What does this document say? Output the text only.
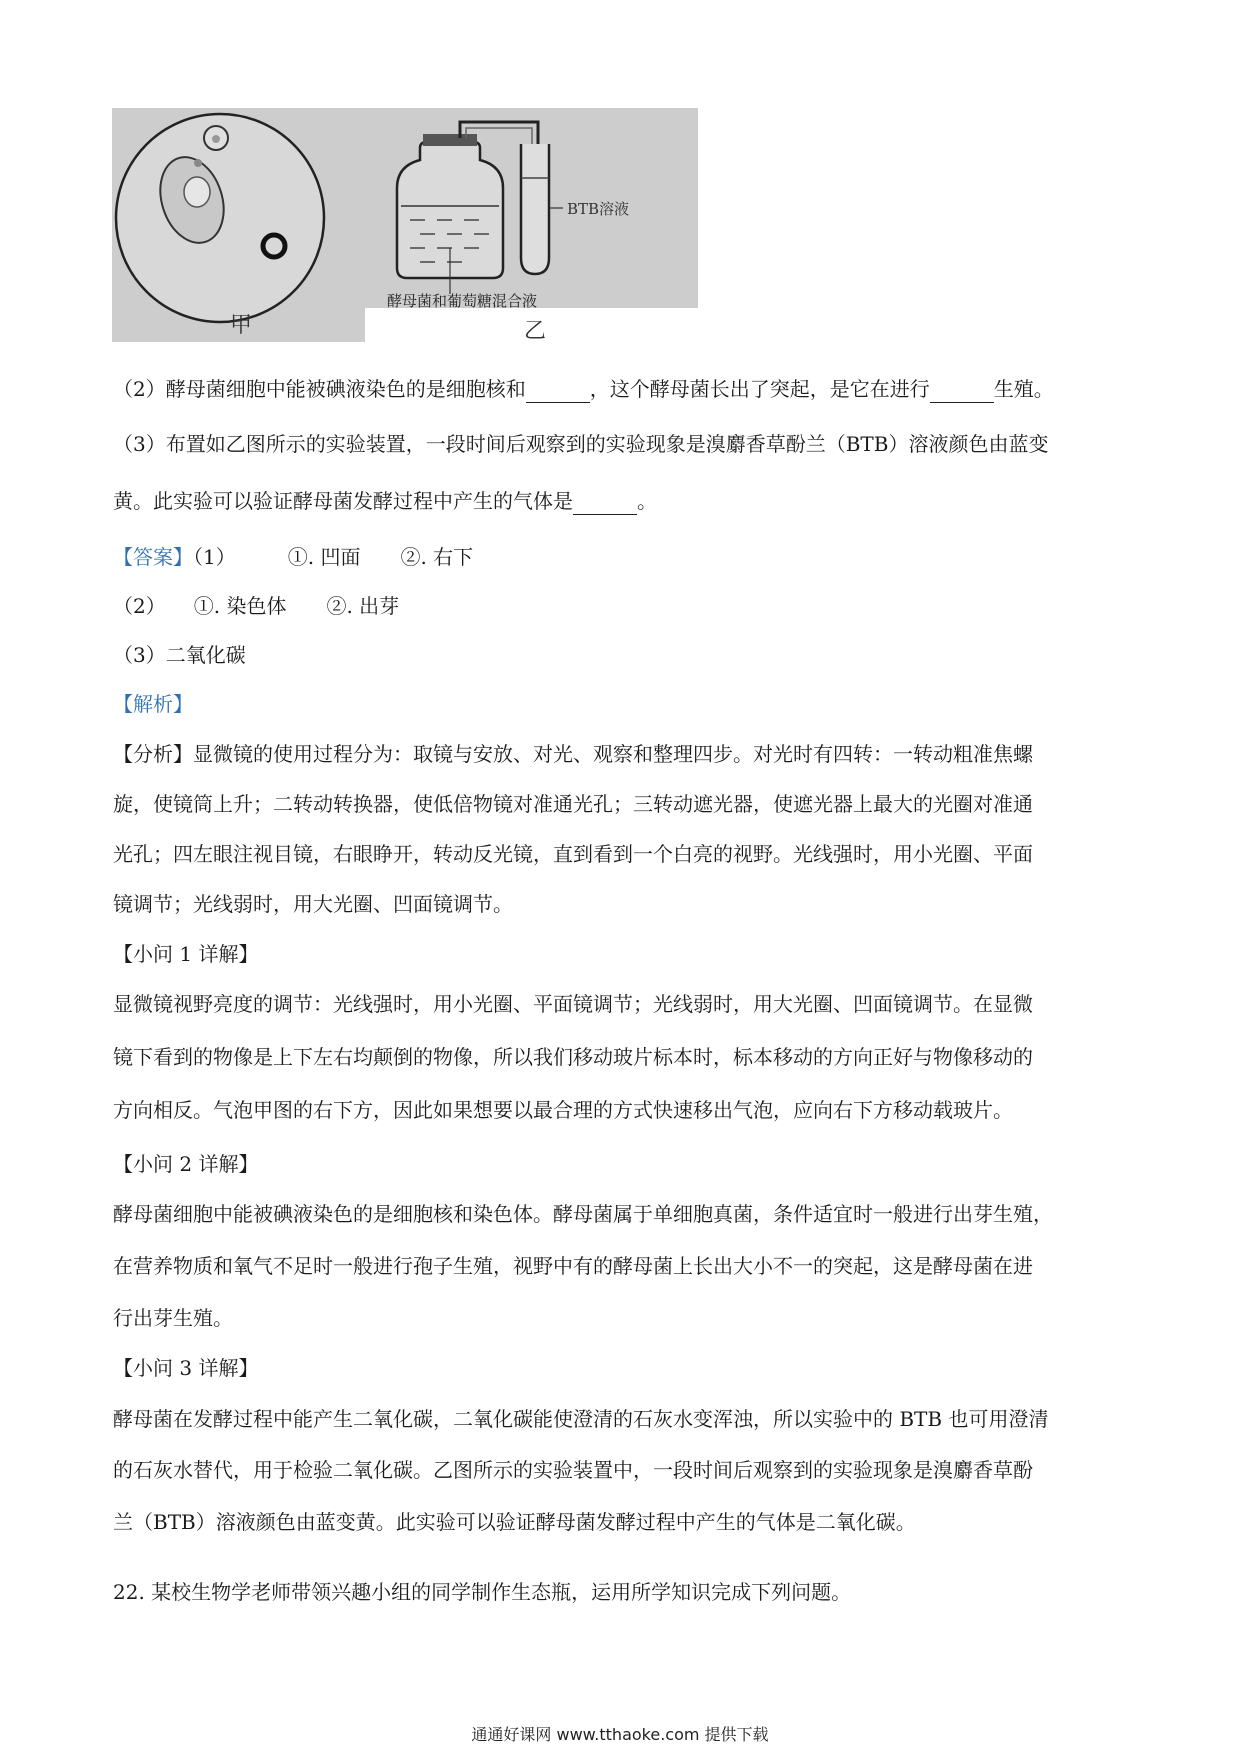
甲
BTB溶液
酵母菌和葡萄糖混合液
乙
（2）酵母菌细胞中能被碘液染色的是细胞核和	，这个酵母菌长出了突起，是它在进行	生殖。
（3）布置如乙图所示的实验装置，一段时间后观察到的实验现象是溴麝香草酚兰（BTB）溶液颜色由蓝变
黄。此实验可以验证酵母菌发酵过程中产生的气体是	。
【答案】（1）	①. 凹面 ②. 右下
（2） ①. 染色体 ②. 出芽
（3）二氧化碳
【解析】
【分析】显微镜的使用过程分为：取镜与安放、对光、观察和整理四步。对光时有四转：一转动粗准焦螺
旋，使镜筒上升；二转动转换器，使低倍物镜对准通光孔；三转动遮光器，使遮光器上最大的光圈对准通
光孔；四左眼注视目镜，右眼睁开，转动反光镜，直到看到一个白亮的视野。光线强时，用小光圈、平面
镜调节；光线弱时，用大光圈、凹面镜调节。
【小问 1 详解】
显微镜视野亮度的调节：光线强时，用小光圈、平面镜调节；光线弱时，用大光圈、凹面镜调节。在显微
镜下看到的物像是上下左右均颠倒的物像，所以我们移动玻片标本时，标本移动的方向正好与物像移动的
方向相反。气泡甲图的右下方，因此如果想要以最合理的方式快速移出气泡，应向右下方移动载玻片。
【小问 2 详解】
酵母菌细胞中能被碘液染色的是细胞核和染色体。酵母菌属于单细胞真菌，条件适宜时一般进行出芽生殖，
在营养物质和氧气不足时一般进行孢子生殖，视野中有的酵母菌上长出大小不一的突起，这是酵母菌在进
行出芽生殖。
【小问 3 详解】
酵母菌在发酵过程中能产生二氧化碳，二氧化碳能使澄清的石灰水变浑浊，所以实验中的 BTB 也可用澄清
的石灰水替代，用于检验二氧化碳。乙图所示的实验装置中，一段时间后观察到的实验现象是溴麝香草酚
兰（BTB）溶液颜色由蓝变黄。此实验可以验证酵母菌发酵过程中产生的气体是二氧化碳。
22. 某校生物学老师带领兴趣小组的同学制作生态瓶，运用所学知识完成下列问题。
通通好课网 www.tthaoke.com 提供下载
